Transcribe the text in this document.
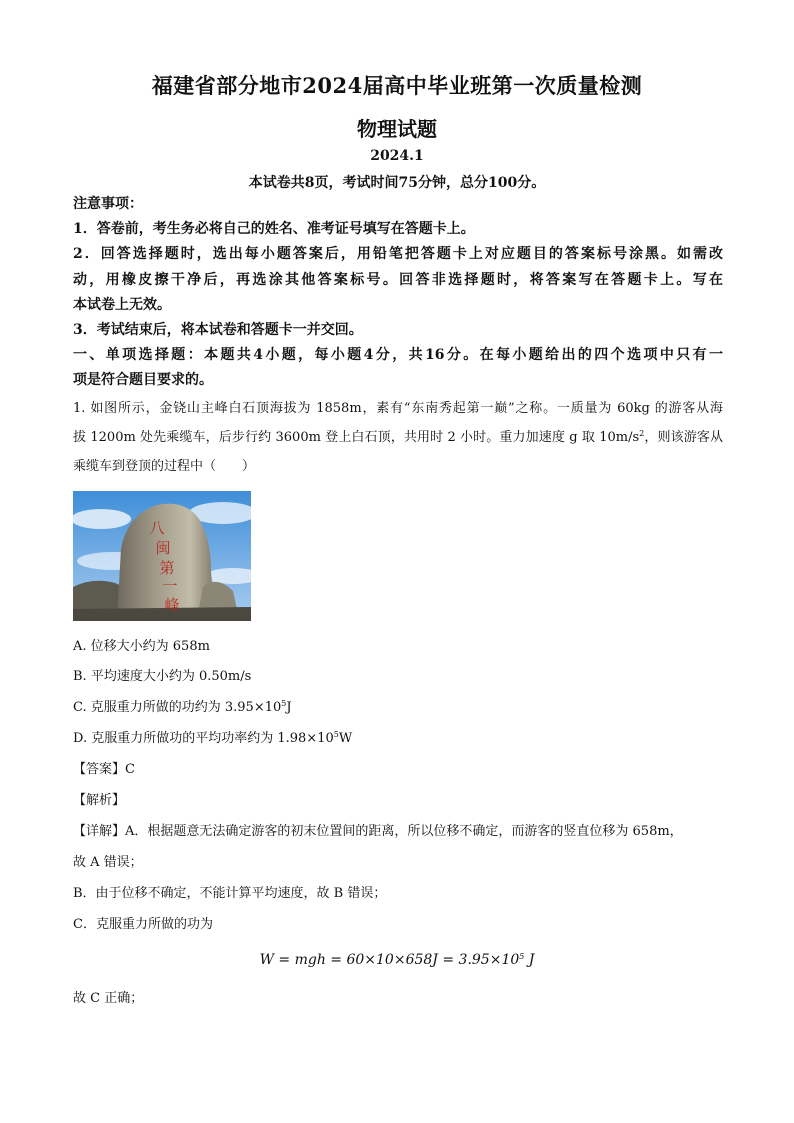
福建省部分地市2024届高中毕业班第一次质量检测
物理试题
2024.1
本试卷共8页，考试时间75分钟，总分100分。
注意事项：
1．答卷前，考生务必将自己的姓名、准考证号填写在答题卡上。
2．回答选择题时，选出每小题答案后，用铅笔把答题卡上对应题目的答案标号涂黑。如需改
动，用橡皮擦干净后，再选涂其他答案标号。回答非选择题时，将答案写在答题卡上。写在
本试卷上无效。
3．考试结束后，将本试卷和答题卡一并交回。
一、单项选择题：本题共4小题，每小题4分，共16分。在每小题给出的四个选项中只有一
项是符合题目要求的。
1. 如图所示，金铙山主峰白石顶海拔为 1858m，素有“东南秀起第一巅”之称。一质量为 60kg 的游客从海
拔 1200m 处先乘缆车，后步行约 3600m 登上白石顶，共用时 2 小时。重力加速度 g 取 $10m/s^2$，则该游客从
乘缆车到登顶的过程中（　　）
八
闽
第
一
峰
A. 位移大小约为 658m
B. 平均速度大小约为 0.50m/s
C. 克服重力所做的功约为 $3.95\times 10^5J$
D. 克服重力所做功的平均功率约为 $1.98\times 10^5W$
【答案】C
【解析】
【详解】A．根据题意无法确定游客的初末位置间的距离，所以位移不确定，而游客的竖直位移为 658m，
故 A 错误；
B．由于位移不确定，不能计算平均速度，故 B 错误；
C．克服重力所做的功为
W = mgh = $60\times 10\times 658J = 3.95\times 10^5$ J
故 C 正确；
